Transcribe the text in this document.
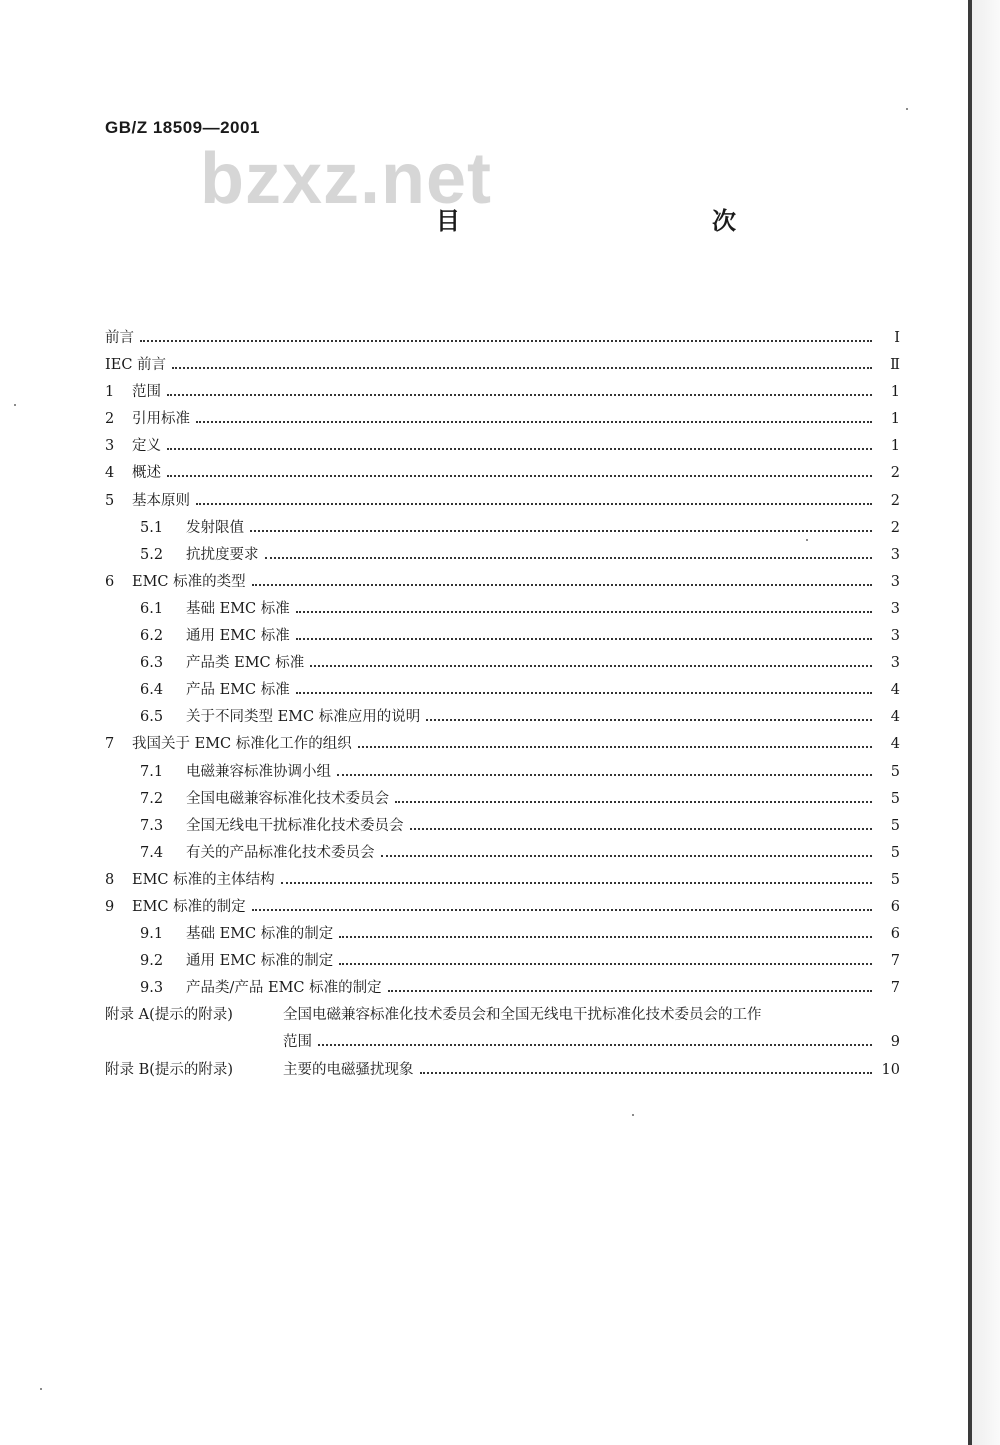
GB/Z 18509—2001
bzxz.net
目　　次
前言	I
IEC 前言	Ⅱ
1	范围	1
2	引用标准	1
3	定义	1
4	概述	2
5	基本原则	2
5.1	发射限值	2
5.2	抗扰度要求	3
6	EMC 标准的类型	3
6.1	基础 EMC 标准	3
6.2	通用 EMC 标准	3
6.3	产品类 EMC 标准	3
6.4	产品 EMC 标准	4
6.5	关于不同类型 EMC 标准应用的说明	4
7	我国关于 EMC 标准化工作的组织	4
7.1	电磁兼容标准协调小组	5
7.2	全国电磁兼容标准化技术委员会	5
7.3	全国无线电干扰标准化技术委员会	5
7.4	有关的产品标准化技术委员会	5
8	EMC 标准的主体结构	5
9	EMC 标准的制定	6
9.1	基础 EMC 标准的制定	6
9.2	通用 EMC 标准的制定	7
9.3	产品类/产品 EMC 标准的制定	7
附录 A(提示的附录)	全国电磁兼容标准化技术委员会和全国无线电干扰标准化技术委员会的工作
范围	9
附录 B(提示的附录)	主要的电磁骚扰现象	10
